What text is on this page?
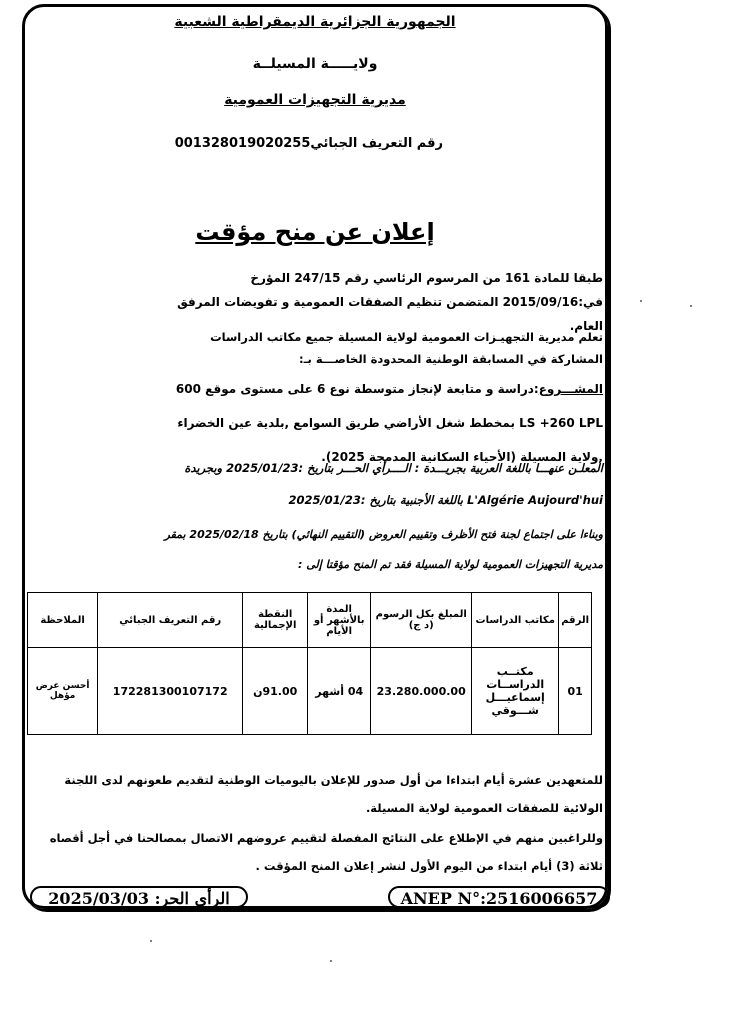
الجمهورية الجزائرية الديمقراطية الشعبية
ولايـــــة المسيلــة
مديرية التجهيزات العمومية
رقم التعريف الجبائي001328019020255
إعلان عن منح مؤقت
طبقا للمادة 161 من المرسوم الرئاسي رقم 247/15 المؤرخ في:2015/09/16 المتضمن تنظيم الصفقات العمومية و تفويضات المرفق العام.
تعلم مديرية التجهيـزات العمومية لولاية المسيلة جميع مكاتب الدراسات المشاركة في المسابقة الوطنية المحدودة الخاصـــة بـ:
المشـــروع:دراسة و متابعة لإنجاز متوسطة نوع 6 على مستوى موقع 600 LS +260 LPL بمخطط شغل الأراضي طريق السوامع ,بلدية عين الخضراء ,ولاية المسيلة (الأحياء السكانية المدمجة 2025).
المعلـن عنهـــا باللغة العربية بجريـــدة : الــــرأي الحـــر بتاريخ :2025/01/23 وبجريدة L'Algérie Aujourd'hui باللغة الأجنبية بتاريخ :2025/01/23
وبناءا على اجتماع لجنة فتح الأظرف وتقييم العروض (التقييم النهائي) بتاريخ 2025/02/18 بمقر مديرية التجهيزات العمومية لولاية المسيلة فقد تم المنح مؤقتا إلى :
الرقم	مكاتب الدراسات	المبلغ بكل الرسوم (د ج)	المدة بالأشهر أو الأيام	النقطة الإجمالية	رقم التعريف الجبائي	الملاحظة
01	مكتــب الدراســات إسماعيـــل شـــوقي	23.280.000.00	04 أشهر	91.00ن	172281300107172	أحسن عرض مؤهل
للمتعهدين عشرة أيام ابتداءا من أول صدور للإعلان باليوميات الوطنية لتقديم طعونهم لدى اللجنة الولائية للصفقات العمومية لولاية المسيلة.
وللراغبين منهم في الإطلاع على النتائج المفصلة لتقييم عروضهم الاتصال بمصالحنا في أجل أقصاه ثلاثة (3) أيام ابتداء من اليوم الأول لنشر إعلان المنح المؤقت .
ANEP N°:2516006657
الرأي الحر: 2025/03/03
